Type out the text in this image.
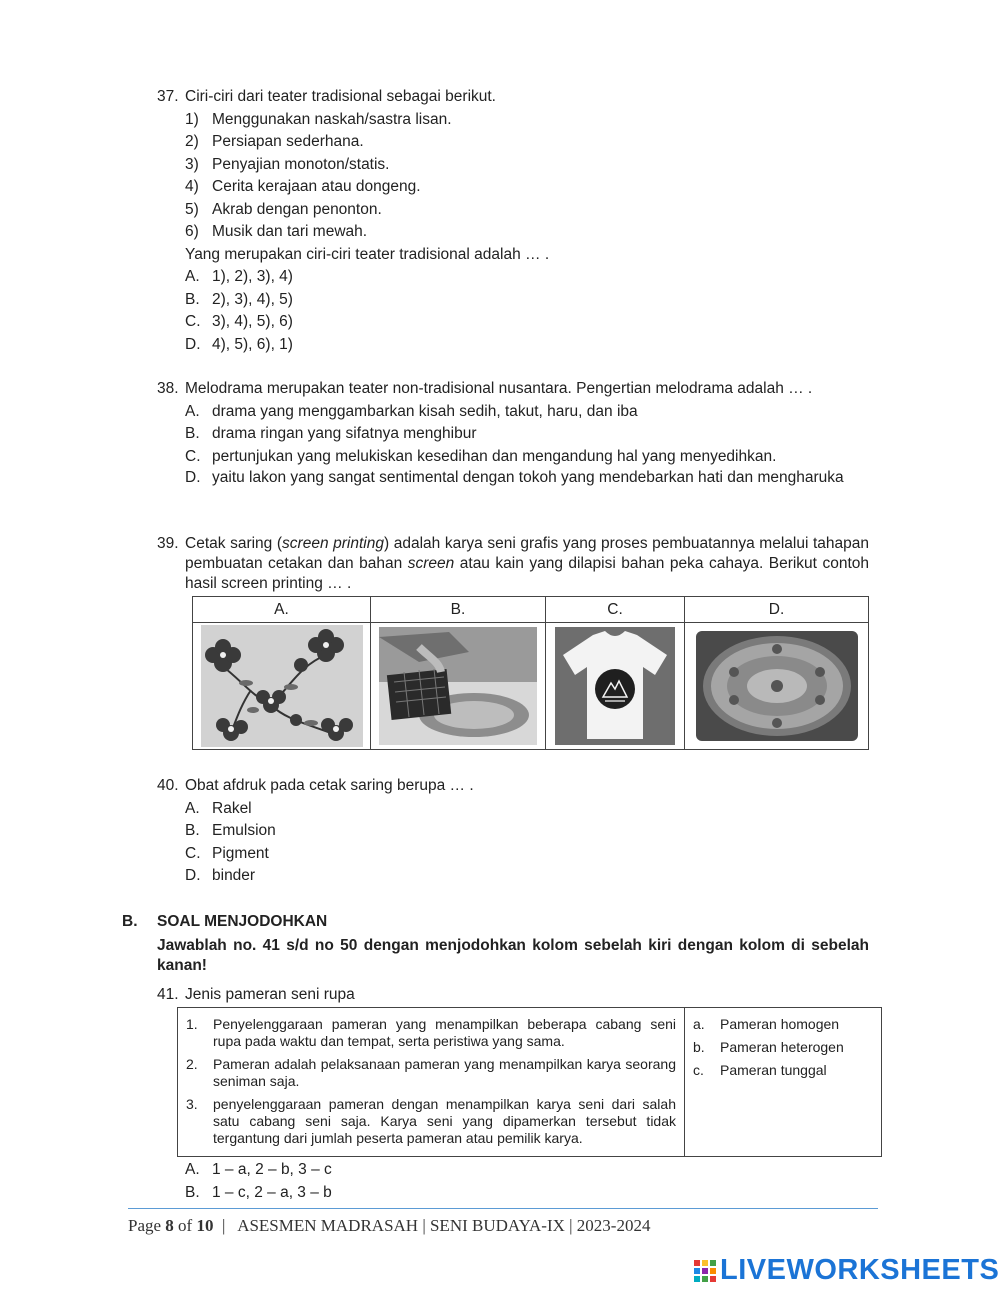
37. Ciri-ciri dari teater tradisional sebagai berikut.
1) Menggunakan naskah/sastra lisan.
2) Persiapan sederhana.
3) Penyajian monoton/statis.
4) Cerita kerajaan atau dongeng.
5) Akrab dengan penonton.
6) Musik dan tari mewah.
Yang merupakan ciri-ciri teater tradisional adalah … .
A. 1), 2), 3), 4)
B. 2), 3), 4), 5)
C. 3), 4), 5), 6)
D. 4), 5), 6), 1)
38. Melodrama merupakan teater non-tradisional nusantara. Pengertian melodrama adalah … .
A. drama yang menggambarkan kisah sedih, takut, haru, dan iba
B. drama ringan yang sifatnya menghibur
C. pertunjukan yang melukiskan kesedihan dan mengandung hal yang menyedihkan.
D. yaitu lakon yang sangat sentimental dengan tokoh yang mendebarkan hati dan mengharuka
39. Cetak saring (screen printing) adalah karya seni grafis yang proses pembuatannya melalui tahapan pembuatan cetakan dan bahan screen atau kain yang dilapisi bahan peka cahaya. Berikut contoh hasil screen printing … .
A.	B.	C.	D.

40. Obat afdruk pada cetak saring berupa … .
A. Rakel
B. Emulsion
C. Pigment
D. binder
B.	SOAL MENJODOHKAN
Jawablah no. 41 s/d no 50 dengan menjodohkan kolom sebelah kiri dengan kolom di sebelah kanan!
41. Jenis pameran seni rupa
1.	Penyelenggaraan pameran yang menampilkan beberapa cabang seni rupa pada waktu dan tempat, serta peristiwa yang sama.
2.	Pameran adalah pelaksanaan pameran yang menampilkan karya seorang seniman saja.
3.	penyelenggaraan pameran dengan menampilkan karya seni dari salah satu cabang seni saja. Karya seni yang dipamerkan tersebut tidak tergantung dari jumlah peserta pameran atau pemilik karya.
a.	Pameran homogen
b.	Pameran heterogen
c.	Pameran tunggal
A. 1 – a, 2 – b, 3 – c
B. 1 – c, 2 – a, 3 – b
Page 8 of 10 | ASESMEN MADRASAH | SENI BUDAYA-IX | 2023-2024
LIVEWORKSHEETS
